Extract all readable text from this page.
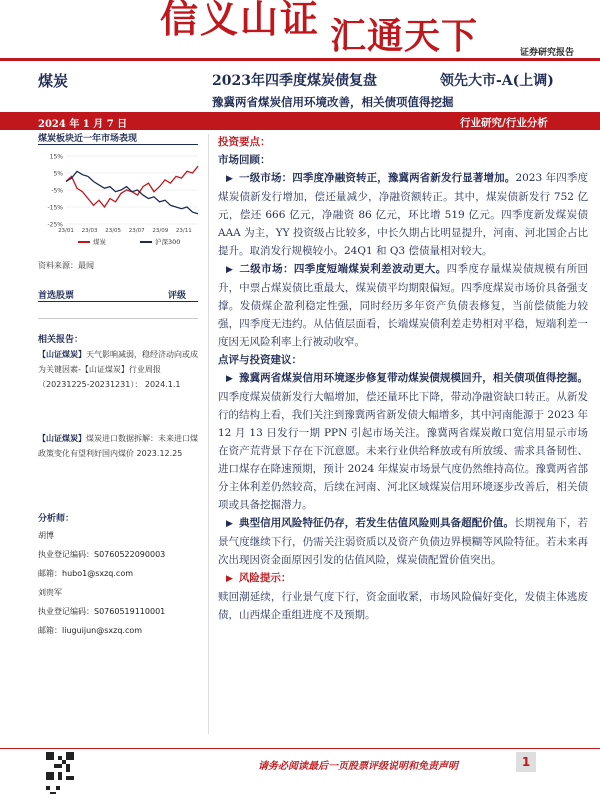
信义山证 汇通天下	证券研究报告
煤炭	2023年四季度煤炭债复盘	领先大市-A(上调)
豫冀两省煤炭信用环境改善，相关债项值得挖掘
2024 年 1 月 7 日	行业研究/行业分析
煤炭板块近一年市场表现
15%
5%
-5%
-15%
-25%
23/01 23/03 23/05 23/07 23/09 23/11
煤炭	沪深300
资料来源：最闻
首选股票	评级
相关报告：
【山证煤炭】天气影响减弱，稳经济动向或成为关键因素-【山证煤炭】行业周报（20231225-20231231）： 2024.1.1
【山证煤炭】煤炭进口数据拆解：未来进口煤政策变化有望利好国内煤价 2023.12.25
分析师：
胡博
执业登记编码：S0760522090003
邮箱：hubo1@sxzq.com
刘贵军
执业登记编码：S0760519110001
邮箱：liuguijun@sxzq.com
投资要点：
市场回顾：
▶ 一级市场：四季度净融资转正，豫冀两省新发行显著增加。2023 年四季度煤炭债新发行增加，偿还量减少，净融资额转正。其中，煤炭债新发行 752 亿元，偿还 666 亿元，净融资 86 亿元，环比增 519 亿元。四季度新发煤炭债 AAA 为主，YY 投资级占比较多，中长久期占比明显提升，河南、河北国企占比提升。取消发行规模较小。24Q1 和 Q3 偿债量相对较大。
▶ 二级市场：四季度短端煤炭利差波动更大。四季度存量煤炭债规模有所回升，中票占煤炭债比重最大，煤炭债平均期限偏短。四季度煤炭市场价具备强支撑。发债煤企盈利稳定性强，同时经历多年资产负债表修复，当前偿债能力较强，四季度无违约。从估值层面看，长端煤炭债利差走势相对平稳，短端利差一度因无风险利率上行被动收窄。
点评与投资建议：
▶ 豫冀两省煤炭信用环境逐步修复带动煤炭债规模回升，相关债项值得挖掘。四季度煤炭债新发行大幅增加，偿还量环比下降，带动净融资缺口转正。从新发行的结构上看，我们关注到豫冀两省新发债大幅增多，其中河南能源于 2023 年 12 月 13 日发行一期 PPN 引起市场关注。豫冀两省煤炭敞口宽信用显示市场在资产荒背景下存在下沉意愿。未来行业供给释放或有所放缓、需求具备韧性、进口煤存在降速预期，预计 2024 年煤炭市场景气度仍然维持高位。豫冀两省部分主体利差仍然较高，后续在河南、河北区域煤炭信用环境逐步改善后，相关债项或具备挖掘潜力。
▶ 典型信用风险特征仍存，若发生估值风险则具备超配价值。长期视角下，若景气度继续下行，仍需关注弱资质以及资产负债边界模糊等风险特征。若未来再次出现因资金面原因引发的估值风险，煤炭债配置价值突出。
▶ 风险提示：
赎回潮延续，行业景气度下行，资金面收紧，市场风险偏好变化，发债主体逃废债，山西煤企重组进度不及预期。
请务必阅读最后一页股票评级说明和免责声明	1
